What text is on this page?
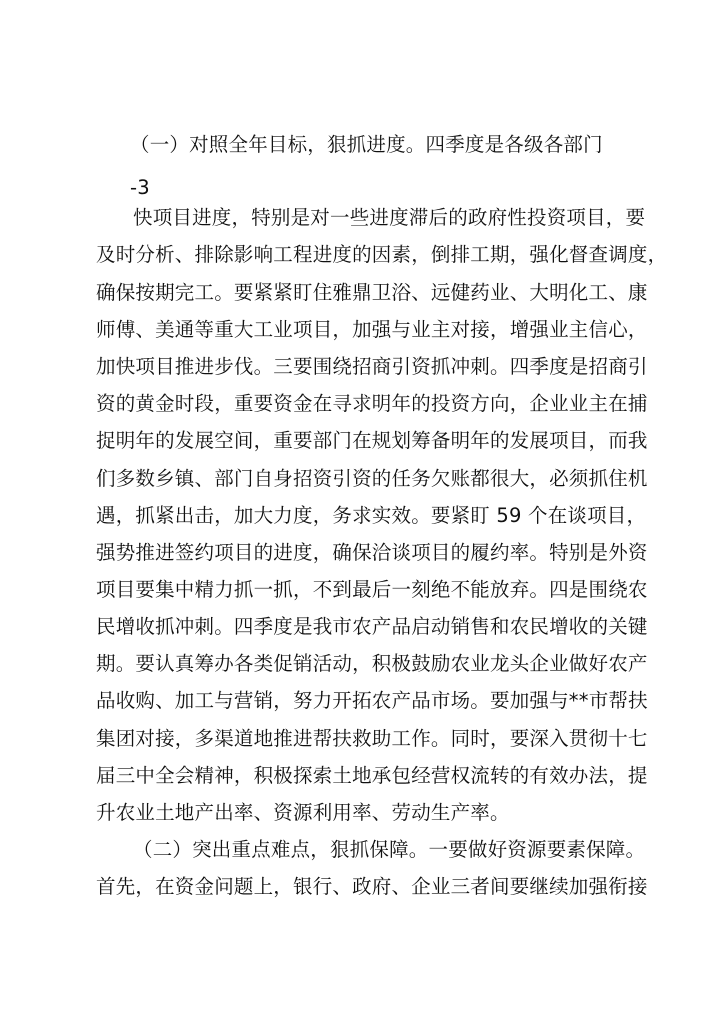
（一）对照全年目标，狠抓进度。四季度是各级各部门
-3
快项目进度，特别是对一些进度滞后的政府性投资项目，要
及时分析、排除影响工程进度的因素，倒排工期，强化督查调度，
确保按期完工。要紧紧盯住雅鼎卫浴、远健药业、大明化工、康
师傅、美通等重大工业项目，加强与业主对接，增强业主信心，
加快项目推进步伐。三要围绕招商引资抓冲刺。四季度是招商引
资的黄金时段，重要资金在寻求明年的投资方向，企业业主在捕
捉明年的发展空间，重要部门在规划筹备明年的发展项目，而我
们多数乡镇、部门自身招资引资的任务欠账都很大，必须抓住机
遇，抓紧出击，加大力度，务求实效。要紧盯 59 个在谈项目，
强势推进签约项目的进度，确保洽谈项目的履约率。特别是外资
项目要集中精力抓一抓，不到最后一刻绝不能放弃。四是围绕农
民增收抓冲刺。四季度是我市农产品启动销售和农民增收的关键
期。要认真筹办各类促销活动，积极鼓励农业龙头企业做好农产
品收购、加工与营销，努力开拓农产品市场。要加强与**市帮扶
集团对接，多渠道地推进帮扶救助工作。同时，要深入贯彻十七
届三中全会精神，积极探索土地承包经营权流转的有效办法，提
升农业土地产出率、资源利用率、劳动生产率。
（二）突出重点难点，狠抓保障。一要做好资源要素保障。
首先，在资金问题上，银行、政府、企业三者间要继续加强衔接
